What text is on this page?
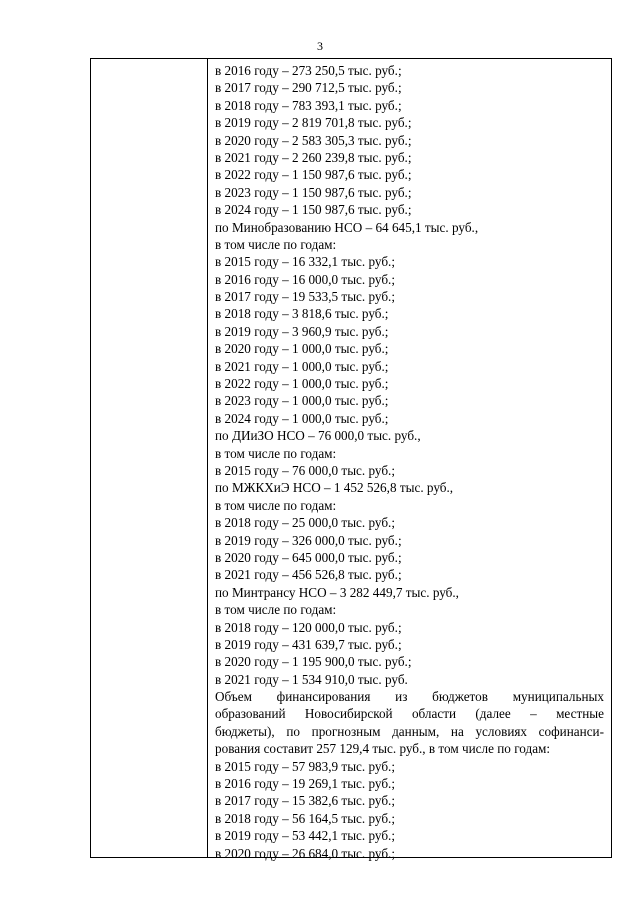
3
в 2016 году – 273 250,5 тыс. руб.;
в 2017 году – 290 712,5 тыс. руб.;
в 2018 году – 783 393,1 тыс. руб.;
в 2019 году – 2 819 701,8 тыс. руб.;
в 2020 году – 2 583 305,3 тыс. руб.;
в 2021 году – 2 260 239,8 тыс. руб.;
в 2022 году – 1 150 987,6 тыс. руб.;
в 2023 году – 1 150 987,6 тыс. руб.;
в 2024 году – 1 150 987,6 тыс. руб.;
по Минобразованию НСО – 64 645,1 тыс. руб.,
в том числе по годам:
в 2015 году – 16 332,1 тыс. руб.;
в 2016 году – 16 000,0 тыс. руб.;
в 2017 году – 19 533,5 тыс. руб.;
в 2018 году – 3 818,6 тыс. руб.;
в 2019 году – 3 960,9 тыс. руб.;
в 2020 году – 1 000,0 тыс. руб.;
в 2021 году – 1 000,0 тыс. руб.;
в 2022 году – 1 000,0 тыс. руб.;
в 2023 году – 1 000,0 тыс. руб.;
в 2024 году – 1 000,0 тыс. руб.;
по ДИиЗО НСО – 76 000,0 тыс. руб.,
в том числе по годам:
в 2015 году – 76 000,0 тыс. руб.;
по МЖКХиЭ НСО – 1 452 526,8 тыс. руб.,
в том числе по годам:
в 2018 году – 25 000,0 тыс. руб.;
в 2019 году – 326 000,0 тыс. руб.;
в 2020 году – 645 000,0 тыс. руб.;
в 2021 году – 456 526,8 тыс. руб.;
по Минтрансу НСО – 3 282 449,7 тыс. руб.,
в том числе по годам:
в 2018 году – 120 000,0 тыс. руб.;
в 2019 году – 431 639,7 тыс. руб.;
в 2020 году – 1 195 900,0 тыс. руб.;
в 2021 году – 1 534 910,0 тыс. руб.
Объем финансирования из бюджетов муниципальных
образований Новосибирской области (далее – местные
бюджеты), по прогнозным данным, на условиях софинанси-
рования составит 257 129,4 тыс. руб., в том числе по годам:
в 2015 году – 57 983,9 тыс. руб.;
в 2016 году – 19 269,1 тыс. руб.;
в 2017 году – 15 382,6 тыс. руб.;
в 2018 году – 56 164,5 тыс. руб.;
в 2019 году – 53 442,1 тыс. руб.;
в 2020 году – 26 684,0 тыс. руб.;
